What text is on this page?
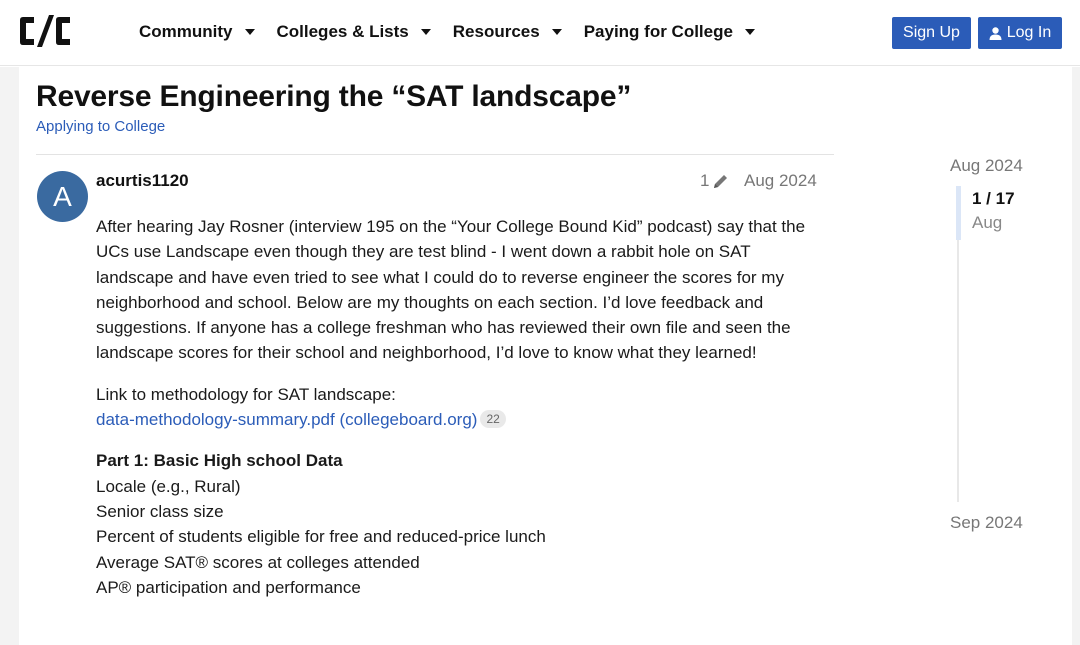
Community	Colleges & Lists	Resources	Paying for College	Sign Up	Log In
Reverse Engineering the “SAT landscape”
Applying to College
A acurtis1120	1 Aug 2024

After hearing Jay Rosner (interview 195 on the “Your College Bound Kid” podcast) say that the UCs use Landscape even though they are test blind - I went down a rabbit hole on SAT landscape and have even tried to see what I could do to reverse engineer the scores for my neighborhood and school. Below are my thoughts on each section. I’d love feedback and suggestions. If anyone has a college freshman who has reviewed their own file and seen the landscape scores for their school and neighborhood, I’d love to know what they learned!

Link to methodology for SAT landscape:
data-methodology-summary.pdf (collegeboard.org) 22

Part 1: Basic High school Data
Locale (e.g., Rural)
Senior class size
Percent of students eligible for free and reduced-price lunch
Average SAT® scores at colleges attended
AP® participation and performance

Aug 2024
1 / 17
Aug
Sep 2024
